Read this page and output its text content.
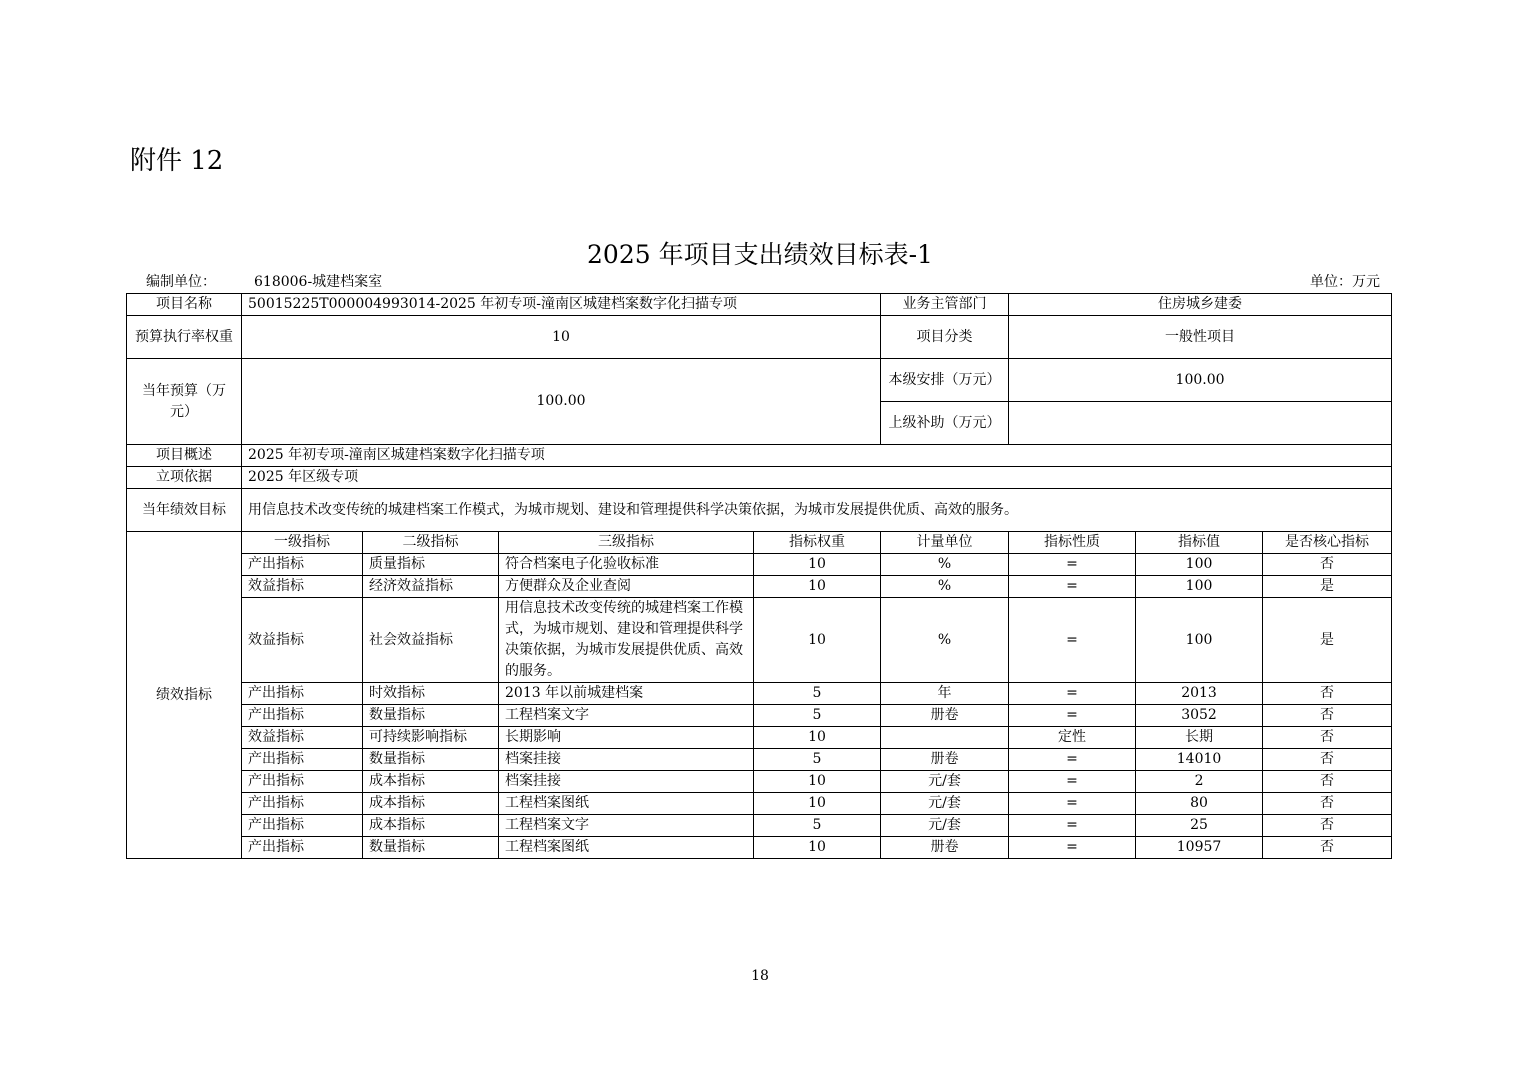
附件 12
2025 年项目支出绩效目标表-1
编制单位：	618006-城建档案室	单位：万元
项目名称	50015225T000004993014-2025 年初专项-潼南区城建档案数字化扫描专项				业务主管部门	住房城乡建委		
预算执行率权重	10				项目分类	一般性项目		
当年预算（万元）	100.00				本级安排（万元）	100.00		
					上级补助（万元）			
项目概述	2025 年初专项-潼南区城建档案数字化扫描专项							
立项依据	2025 年区级专项							
当年绩效目标	用信息技术改变传统的城建档案工作模式，为城市规划、建设和管理提供科学决策依据，为城市发展提供优质、高效的服务。							
绩效指标	一级指标	二级指标	三级指标	指标权重	计量单位	指标性质	指标值	是否核心指标
	产出指标	质量指标	符合档案电子化验收标准	10	%	=	100	否
	效益指标	经济效益指标	方便群众及企业查阅	10	%	=	100	是
	效益指标	社会效益指标	用信息技术改变传统的城建档案工作模式，为城市规划、建设和管理提供科学决策依据，为城市发展提供优质、高效的服务。	10	%	=	100	是
	产出指标	时效指标	2013 年以前城建档案	5	年	=	2013	否
	产出指标	数量指标	工程档案文字	5	册卷	=	3052	否
	效益指标	可持续影响指标	长期影响	10		定性	长期	否
	产出指标	数量指标	档案挂接	5	册卷	=	14010	否
	产出指标	成本指标	档案挂接	10	元/套	=	2	否
	产出指标	成本指标	工程档案图纸	10	元/套	=	80	否
	产出指标	成本指标	工程档案文字	5	元/套	=	25	否
	产出指标	数量指标	工程档案图纸	10	册卷	=	10957	否
18
